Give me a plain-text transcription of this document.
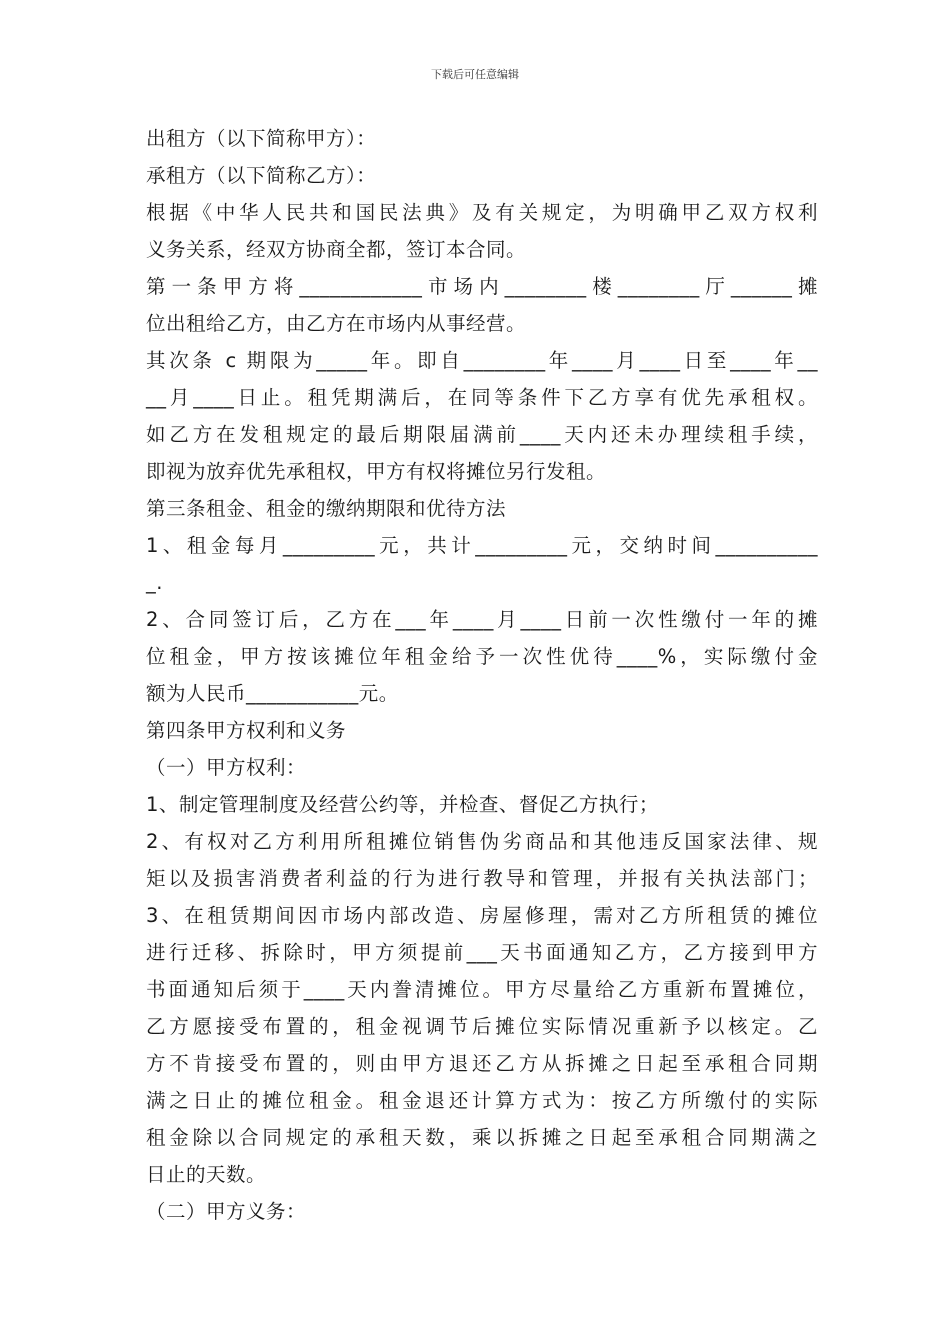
下载后可任意编辑
出租方（以下简称甲方）：
承租方（以下简称乙方）：
根据《中华人民共和国民法典》及有关规定，为明确甲乙双方权利
义务关系，经双方协商全都，签订本合同。
第一条甲方将____________市场内________楼________厅______摊
位出租给乙方，由乙方在市场内从事经营。
其次条 c 期限为_____年。即自________年____月____日至____年__
__月____日止。租凭期满后，在同等条件下乙方享有优先承租权。
如乙方在发租规定的最后期限届满前____天内还未办理续租手续，
即视为放弃优先承租权，甲方有权将摊位另行发租。
第三条租金、租金的缴纳期限和优待方法
1、租金每月_________元，共计_________元，交纳时间__________
_.
2、合同签订后，乙方在___年____月____日前一次性缴付一年的摊
位租金，甲方按该摊位年租金给予一次性优待____%，实际缴付金
额为人民币___________元。
第四条甲方权利和义务
（一）甲方权利：
1、制定管理制度及经营公约等，并检查、督促乙方执行；
2、有权对乙方利用所租摊位销售伪劣商品和其他违反国家法律、规
矩以及损害消费者利益的行为进行教导和管理，并报有关执法部门；
3、在租赁期间因市场内部改造、房屋修理，需对乙方所租赁的摊位
进行迁移、拆除时，甲方须提前___天书面通知乙方，乙方接到甲方
书面通知后须于____天内誊清摊位。甲方尽量给乙方重新布置摊位，
乙方愿接受布置的，租金视调节后摊位实际情况重新予以核定。乙
方不肯接受布置的，则由甲方退还乙方从拆摊之日起至承租合同期
满之日止的摊位租金。租金退还计算方式为：按乙方所缴付的实际
租金除以合同规定的承租天数，乘以拆摊之日起至承租合同期满之
日止的天数。
（二）甲方义务：
